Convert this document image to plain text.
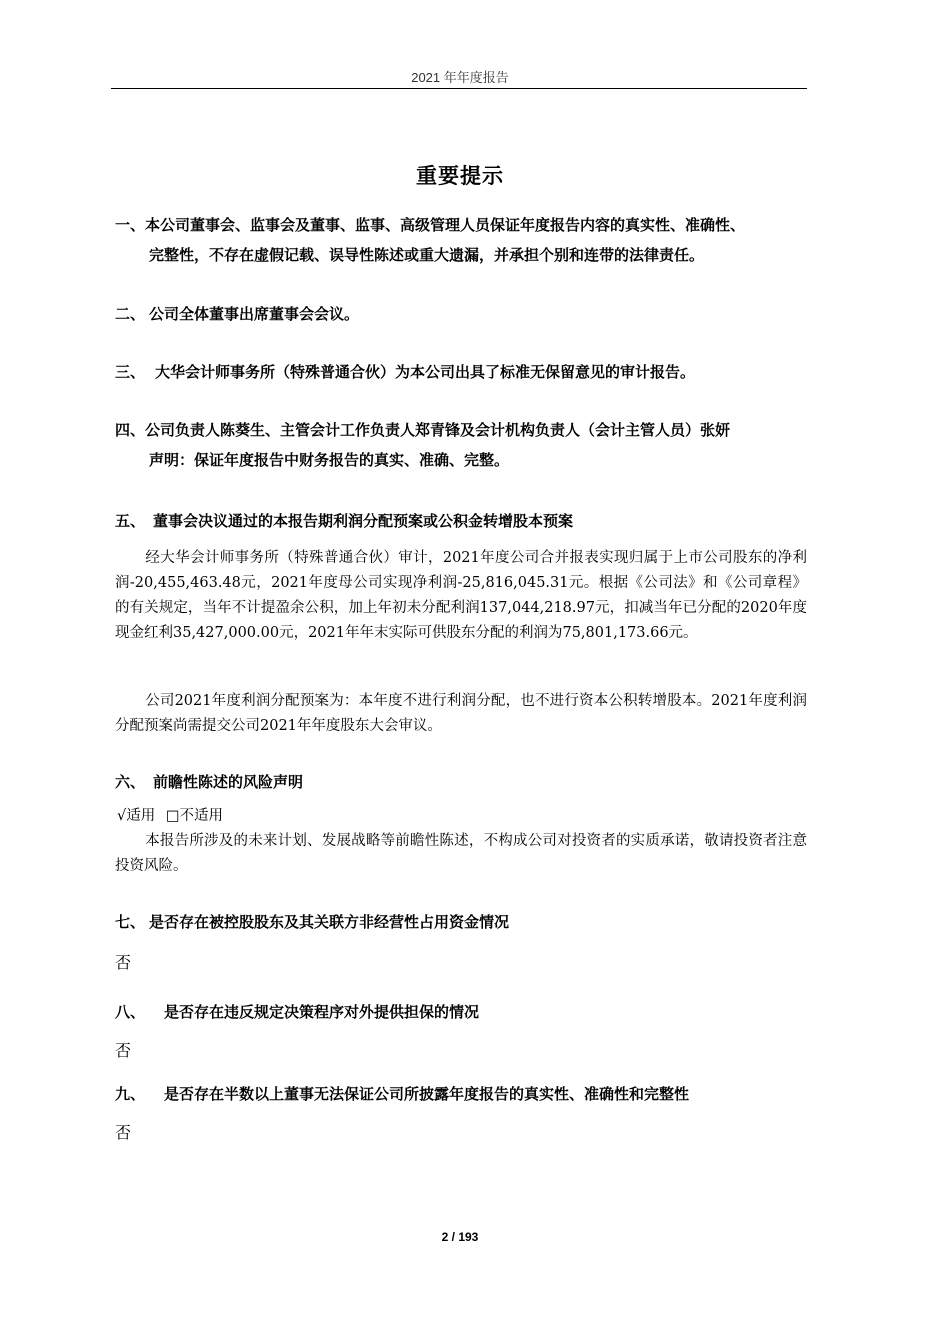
2021 年年度报告
重要提示
一、本公司董事会、监事会及董事、监事、高级管理人员保证年度报告内容的真实性、准确性、
完整性，不存在虚假记载、误导性陈述或重大遗漏，并承担个别和连带的法律责任。
二、 公司全体董事出席董事会会议。
三、 大华会计师事务所（特殊普通合伙）为本公司出具了标准无保留意见的审计报告。
四、公司负责人陈葵生、主管会计工作负责人郑青锋及会计机构负责人（会计主管人员）张妍
声明：保证年度报告中财务报告的真实、准确、完整。
五、 董事会决议通过的本报告期利润分配预案或公积金转增股本预案
经大华会计师事务所（特殊普通合伙）审计，2021年度公司合并报表实现归属于上市公司股东的净利润-20,455,463.48元，2021年度母公司实现净利润-25,816,045.31元。根据《公司法》和《公司章程》的有关规定，当年不计提盈余公积，加上年初未分配利润137,044,218.97元，扣减当年已分配的2020年度现金红利35,427,000.00元，2021年年末实际可供股东分配的利润为75,801,173.66元。
公司2021年度利润分配预案为：本年度不进行利润分配，也不进行资本公积转增股本。2021年度利润分配预案尚需提交公司2021年年度股东大会审议。
六、 前瞻性陈述的风险声明
√适用 □不适用
本报告所涉及的未来计划、发展战略等前瞻性陈述，不构成公司对投资者的实质承诺，敬请投资者注意投资风险。
七、 是否存在被控股股东及其关联方非经营性占用资金情况
否
八、 是否存在违反规定决策程序对外提供担保的情况
否
九、 是否存在半数以上董事无法保证公司所披露年度报告的真实性、准确性和完整性
否
2 / 193
